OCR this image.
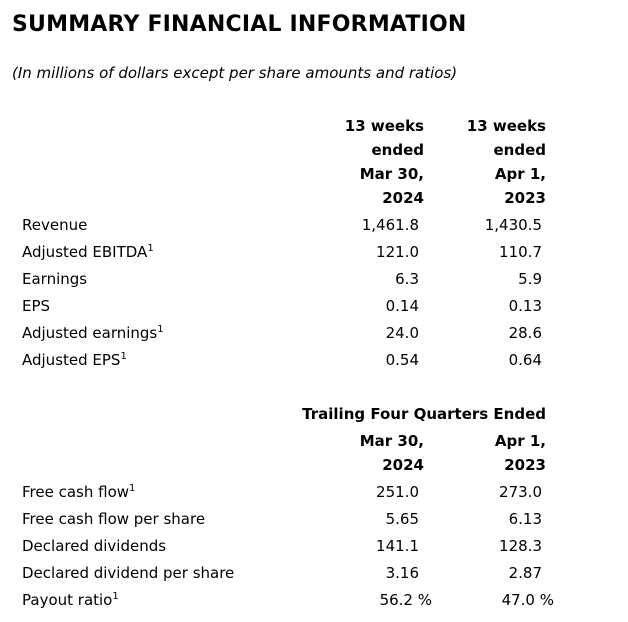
SUMMARY FINANCIAL INFORMATION
(In millions of dollars except per share amounts and ratios)
13 weeks
ended
Mar 30,
2024
13 weeks
ended
Apr 1,
2023
Revenue	1,461.8	1,430.5
Adjusted EBITDA$^1$	121.0	110.7
Earnings	6.3	5.9
EPS	0.14	0.13
Adjusted earnings$^1$	24.0	28.6
Adjusted EPS$^1$	0.54	0.64
Trailing Four Quarters Ended
Mar 30,
2024
Apr 1,
2023
Free cash flow$^1$	251.0	273.0
Free cash flow per share	5.65	6.13
Declared dividends	141.1	128.3
Declared dividend per share	3.16	2.87
Payout ratio$^1$	56.2 %	47.0 %
